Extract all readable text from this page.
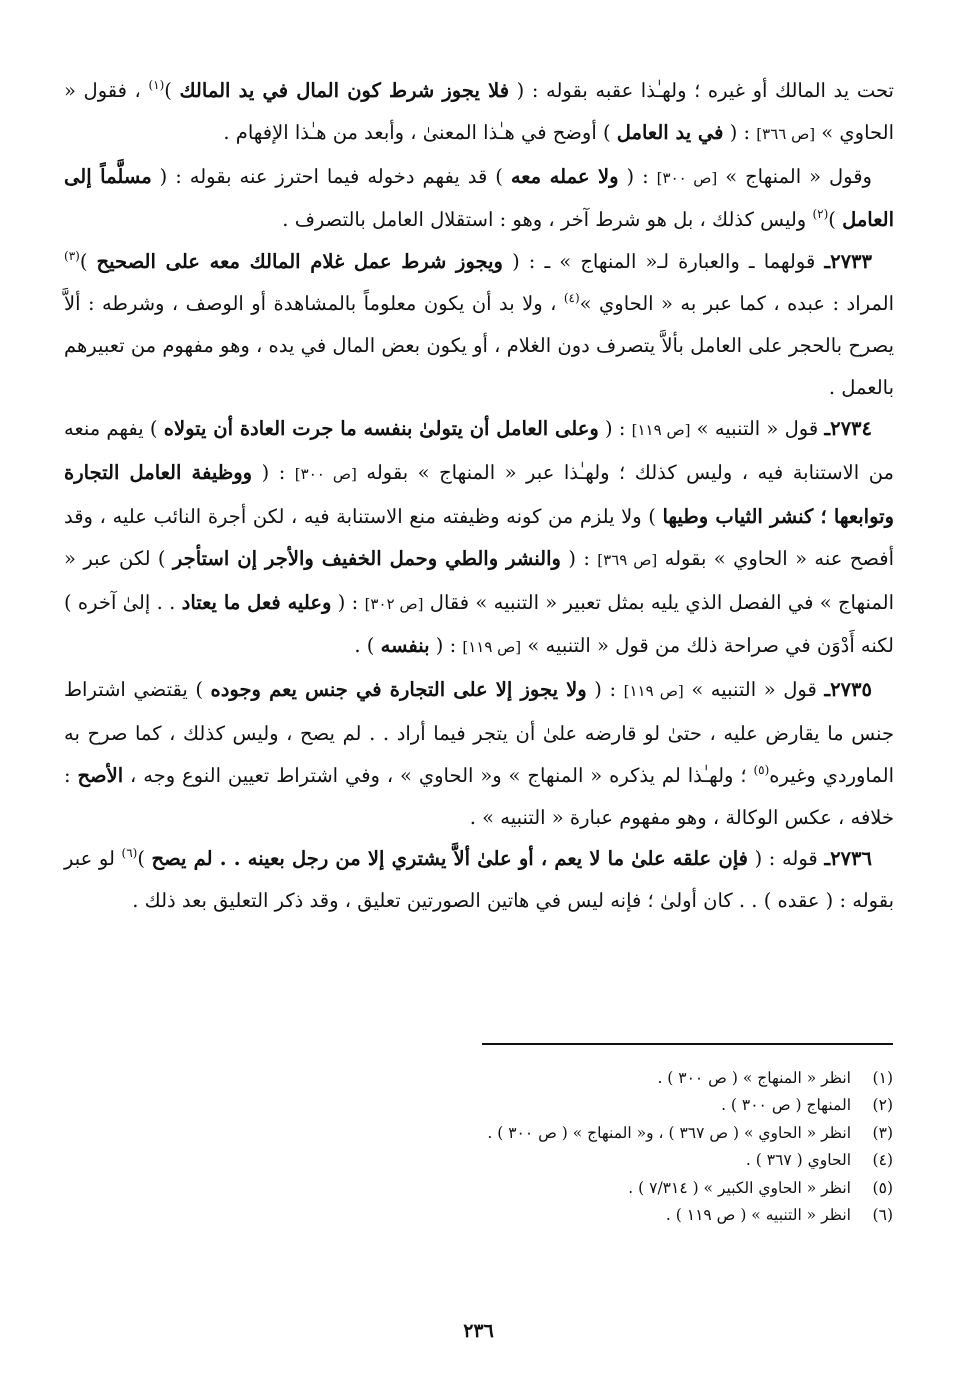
تحت يد المالك أو غيره ؛ ولهـٰذا عقبه بقوله : ( فلا يجوز شرط كون المال في يد المالك )$^{(١)}$ ، فقول « الحاوي » [ص ٣٦٦] : ( في يد العامل ) أوضح في هـٰذا المعنىٰ ، وأبعد من هـٰذا الإفهام .

وقول « المنهاج » [ص ٣٠٠] : ( ولا عمله معه ) قد يفهم دخوله فيما احترز عنه بقوله : ( مسلَّماً إلى العامل )$^{(٢)}$ وليس كذلك ، بل هو شرط آخر ، وهو : استقلال العامل بالتصرف .

٢٧٣٣ـ قولهما ـ والعبارة لـ« المنهاج » ـ : ( ويجوز شرط عمل غلام المالك معه على الصحيح )$^{(٣)}$ المراد : عبده ، كما عبر به « الحاوي »$^{(٤)}$ ، ولا بد أن يكون معلوماً بالمشاهدة أو الوصف ، وشرطه : ألاَّ يصرح بالحجر على العامل بألاَّ يتصرف دون الغلام ، أو يكون بعض المال في يده ، وهو مفهوم من تعبيرهم بالعمل .

٢٧٣٤ـ قول « التنبيه » [ص ١١٩] : ( وعلى العامل أن يتولىٰ بنفسه ما جرت العادة أن يتولاه ) يفهم منعه من الاستنابة فيه ، وليس كذلك ؛ ولهـٰذا عبر « المنهاج » بقوله [ص ٣٠٠] : ( ووظيفة العامل التجارة وتوابعها ؛ كنشر الثياب وطيها ) ولا يلزم من كونه وظيفته منع الاستنابة فيه ، لكن أجرة النائب عليه ، وقد أفصح عنه « الحاوي » بقوله [ص ٣٦٩] : ( والنشر والطي وحمل الخفيف والأجر إن استأجر ) لكن عبر « المنهاج » في الفصل الذي يليه بمثل تعبير « التنبيه » فقال [ص ٣٠٢] : ( وعليه فعل ما يعتاد . . إلىٰ آخره ) لكنه أَدْوَن في صراحة ذلك من قول « التنبيه » [ص ١١٩] : ( بنفسه ) .

٢٧٣٥ـ قول « التنبيه » [ص ١١٩] : ( ولا يجوز إلا على التجارة في جنس يعم وجوده ) يقتضي اشتراط جنس ما يقارض عليه ، حتىٰ لو قارضه علىٰ أن يتجر فيما أراد . . لم يصح ، وليس كذلك ، كما صرح به الماوردي وغيره$^{(٥)}$ ؛ ولهـٰذا لم يذكره « المنهاج » و« الحاوي » ، وفي اشتراط تعيين النوع وجه ، الأصح : خلافه ، عكس الوكالة ، وهو مفهوم عبارة « التنبيه » .

٢٧٣٦ـ قوله : ( فإن علقه علىٰ ما لا يعم ، أو علىٰ ألاَّ يشتري إلا من رجل بعينه . . لم يصح )$^{(٦)}$ لو عبر بقوله : ( عقده ) . . كان أولىٰ ؛ فإنه ليس في هاتين الصورتين تعليق ، وقد ذكر التعليق بعد ذلك .

(١)انظر « المنهاج » ( ص ٣٠٠ ) .
(٢)المنهاج ( ص ٣٠٠ ) .
(٣)انظر « الحاوي » ( ص ٣٦٧ ) ، و« المنهاج » ( ص ٣٠٠ ) .
(٤)الحاوي ( ٣٦٧ ) .
(٥)انظر « الحاوي الكبير » ( ٧/٣١٤ ) .
(٦)انظر « التنبيه » ( ص ١١٩ ) .
٢٣٦
